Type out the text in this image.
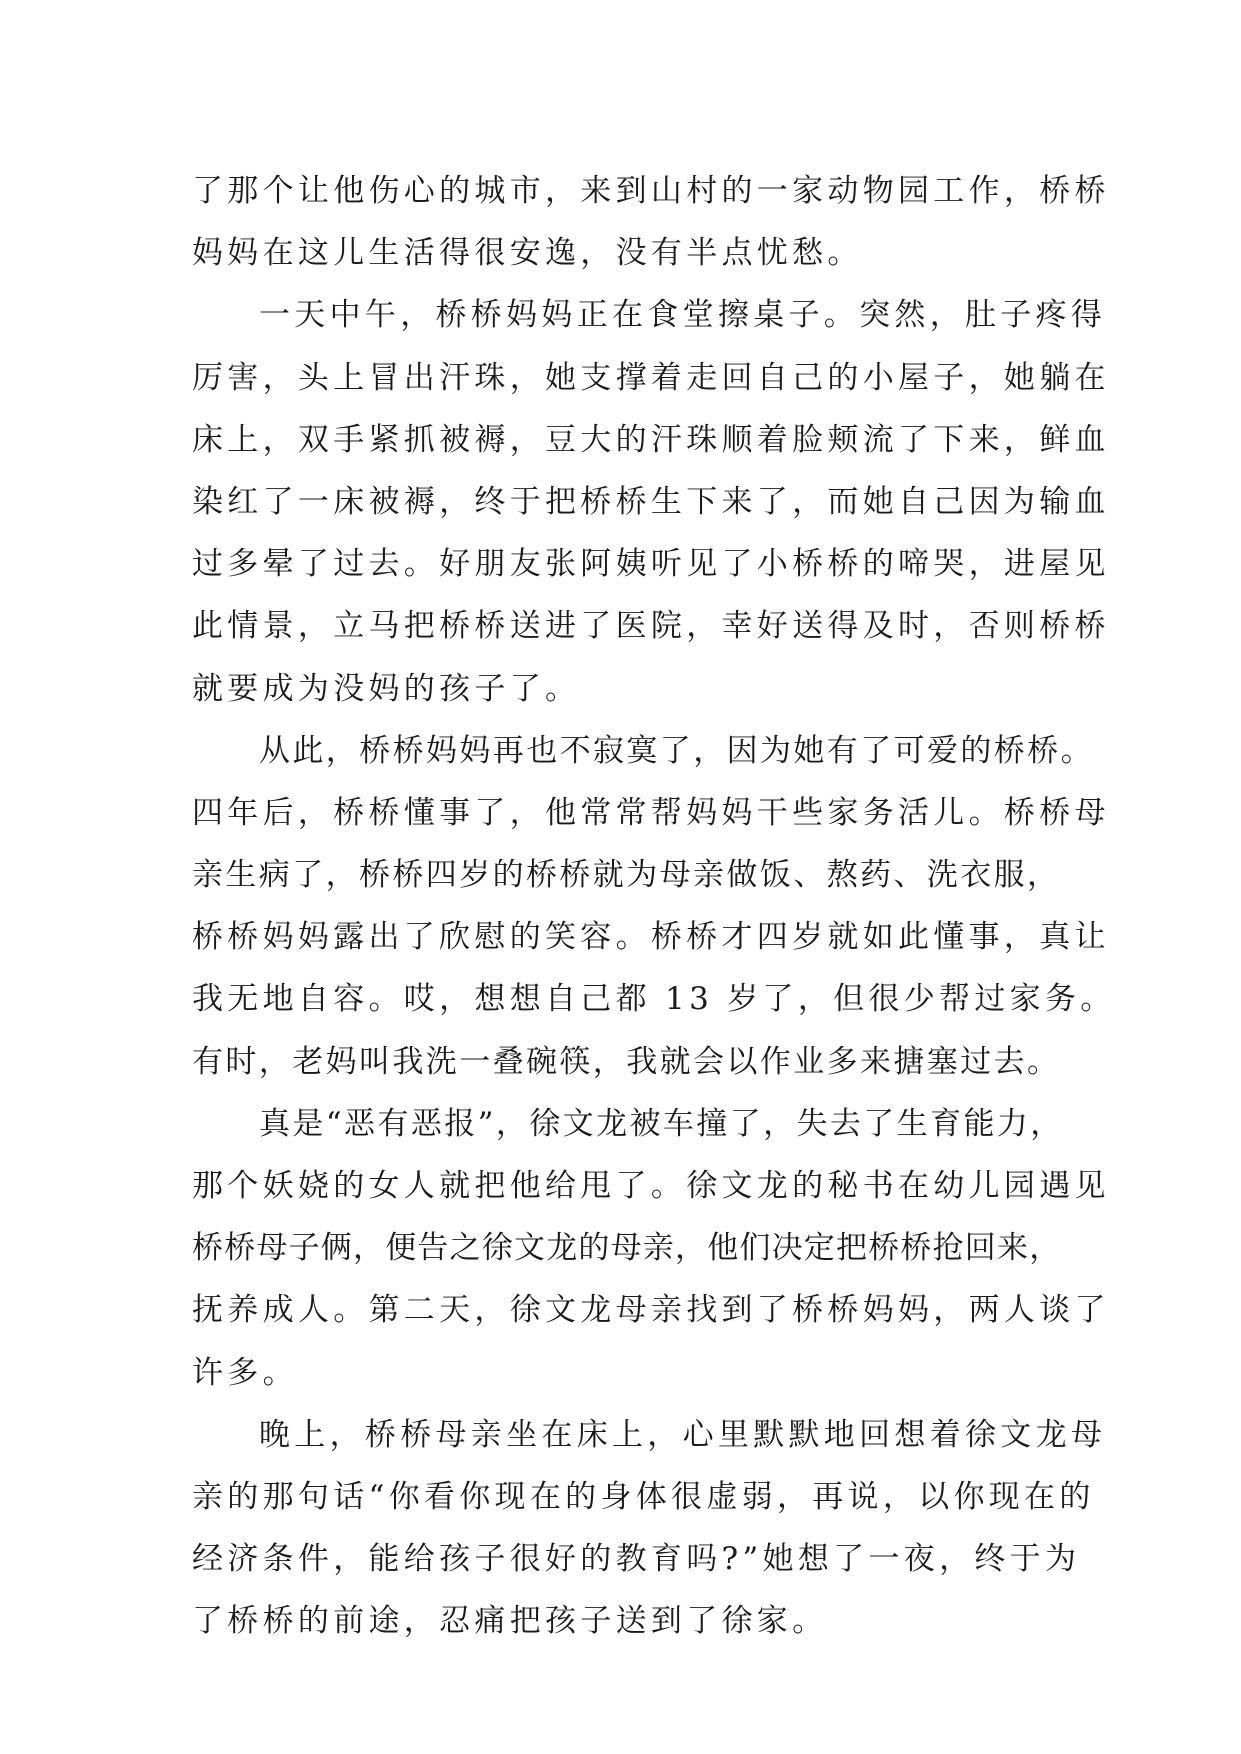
了那个让他伤心的城市，来到山村的一家动物园工作，桥桥
妈妈在这儿生活得很安逸，没有半点忧愁。
一天中午，桥桥妈妈正在食堂擦桌子。突然，肚子疼得
厉害，头上冒出汗珠，她支撑着走回自己的小屋子，她躺在
床上，双手紧抓被褥，豆大的汗珠顺着脸颊流了下来，鲜血
染红了一床被褥，终于把桥桥生下来了，而她自己因为输血
过多晕了过去。好朋友张阿姨听见了小桥桥的啼哭，进屋见
此情景，立马把桥桥送进了医院，幸好送得及时，否则桥桥
就要成为没妈的孩子了。
从此，桥桥妈妈再也不寂寞了，因为她有了可爱的桥桥。
四年后，桥桥懂事了，他常常帮妈妈干些家务活儿。桥桥母
亲生病了，桥桥四岁的桥桥就为母亲做饭、熬药、洗衣服，
桥桥妈妈露出了欣慰的笑容。桥桥才四岁就如此懂事，真让
我无地自容。哎，想想自己都 13 岁了，但很少帮过家务。
有时，老妈叫我洗一叠碗筷，我就会以作业多来搪塞过去。
真是“恶有恶报”，徐文龙被车撞了，失去了生育能力，
那个妖娆的女人就把他给甩了。徐文龙的秘书在幼儿园遇见
桥桥母子俩，便告之徐文龙的母亲，他们决定把桥桥抢回来，
抚养成人。第二天，徐文龙母亲找到了桥桥妈妈，两人谈了
许多。
晚上，桥桥母亲坐在床上，心里默默地回想着徐文龙母
亲的那句话“你看你现在的身体很虚弱，再说，以你现在的
经济条件，能给孩子很好的教育吗?”她想了一夜，终于为
了桥桥的前途，忍痛把孩子送到了徐家。
